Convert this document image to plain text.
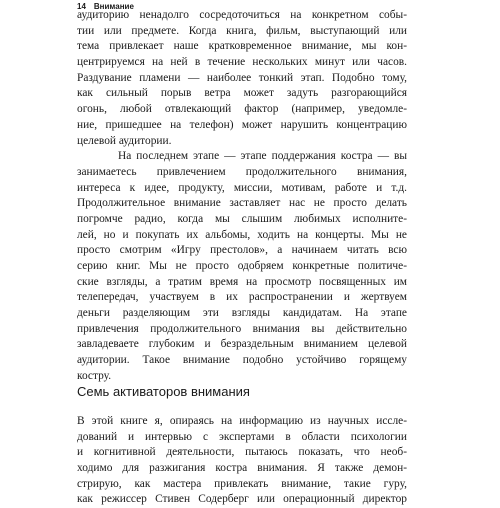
14 Внимание
аудиторию ненадолго сосредоточиться на конкретном собы-
тии или предмете. Когда книга, фильм, выступающий или
тема привлекает наше кратковременное внимание, мы кон-
центрируемся на ней в течение нескольких минут или часов.
Раздувание пламени — наиболее тонкий этап. Подобно тому,
как сильный порыв ветра может задуть разгорающийся
огонь, любой отвлекающий фактор (например, уведомле-
ние, пришедшее на телефон) может нарушить концентрацию
целевой аудитории.
На последнем этапе — этапе поддержания костра — вы
занимаетесь привлечением продолжительного внимания,
интереса к идее, продукту, миссии, мотивам, работе и т.д.
Продолжительное внимание заставляет нас не просто делать
погромче радио, когда мы слышим любимых исполните-
лей, но и покупать их альбомы, ходить на концерты. Мы не
просто смотрим «Игру престолов», а начинаем читать всю
серию книг. Мы не просто одобряем конкретные политиче-
ские взгляды, а тратим время на просмотр посвященных им
телепередач, участвуем в их распространении и жертвуем
деньги разделяющим эти взгляды кандидатам. На этапе
привлечения продолжительного внимания вы действительно
завладеваете глубоким и безраздельным вниманием целевой
аудитории. Такое внимание подобно устойчиво горящему
костру.
Семь активаторов внимания
В этой книге я, опираясь на информацию из научных иссле-
дований и интервью с экспертами в области психологии
и когнитивной деятельности, пытаюсь показать, что необ-
ходимо для разжигания костра внимания. Я также демон-
стрирую, как мастера привлекать внимание, такие гуру,
как режиссер Стивен Содерберг или операционный директор
